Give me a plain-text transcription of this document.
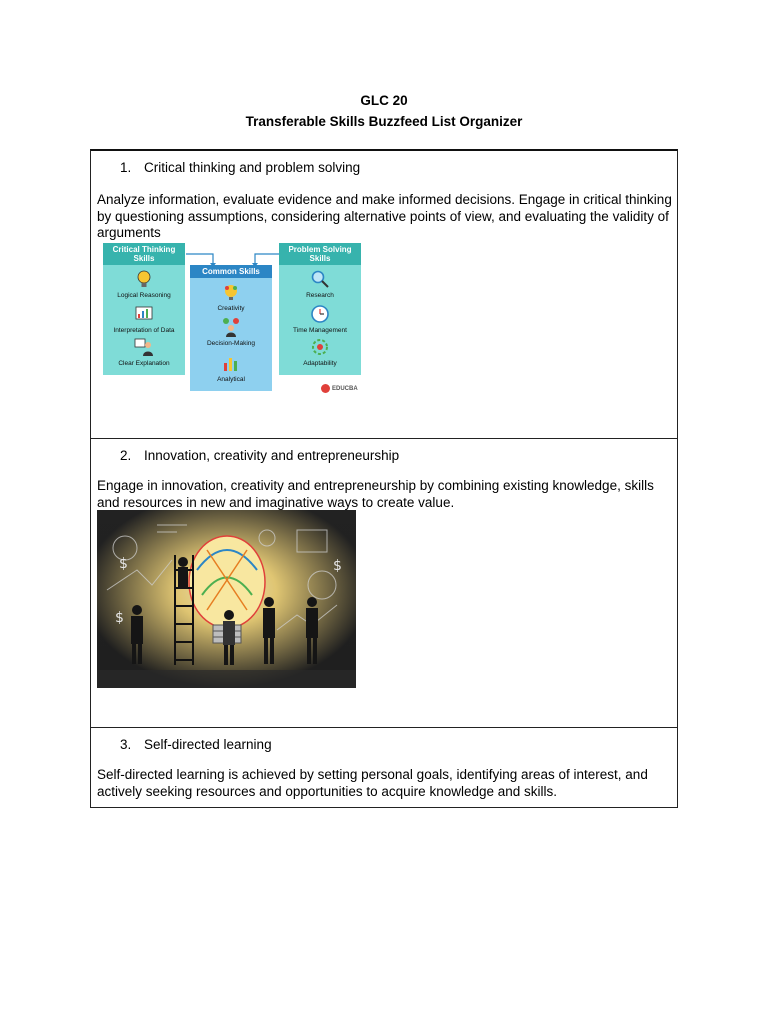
GLC 20
Transferable Skills Buzzfeed List Organizer
1. Critical thinking and problem solving
Analyze information, evaluate evidence and make informed decisions. Engage in critical thinking by questioning assumptions, considering alternative points of view, and evaluating the validity of arguments
Critical Thinking Skills
Logical Reasoning
Interpretation of Data
Clear Explanation
Common Skills
Creativity
Decision-Making
Analytical
Problem Solving Skills
Research
Time Management
Adaptability
EDUCBA
2. Innovation, creativity and entrepreneurship
Engage in innovation, creativity and entrepreneurship by combining existing knowledge, skills and resources in new and imaginative ways to create value.
$	$
$
3. Self-directed learning
Self-directed learning is achieved by setting personal goals, identifying areas of interest, and actively seeking resources and opportunities to acquire knowledge and skills.
